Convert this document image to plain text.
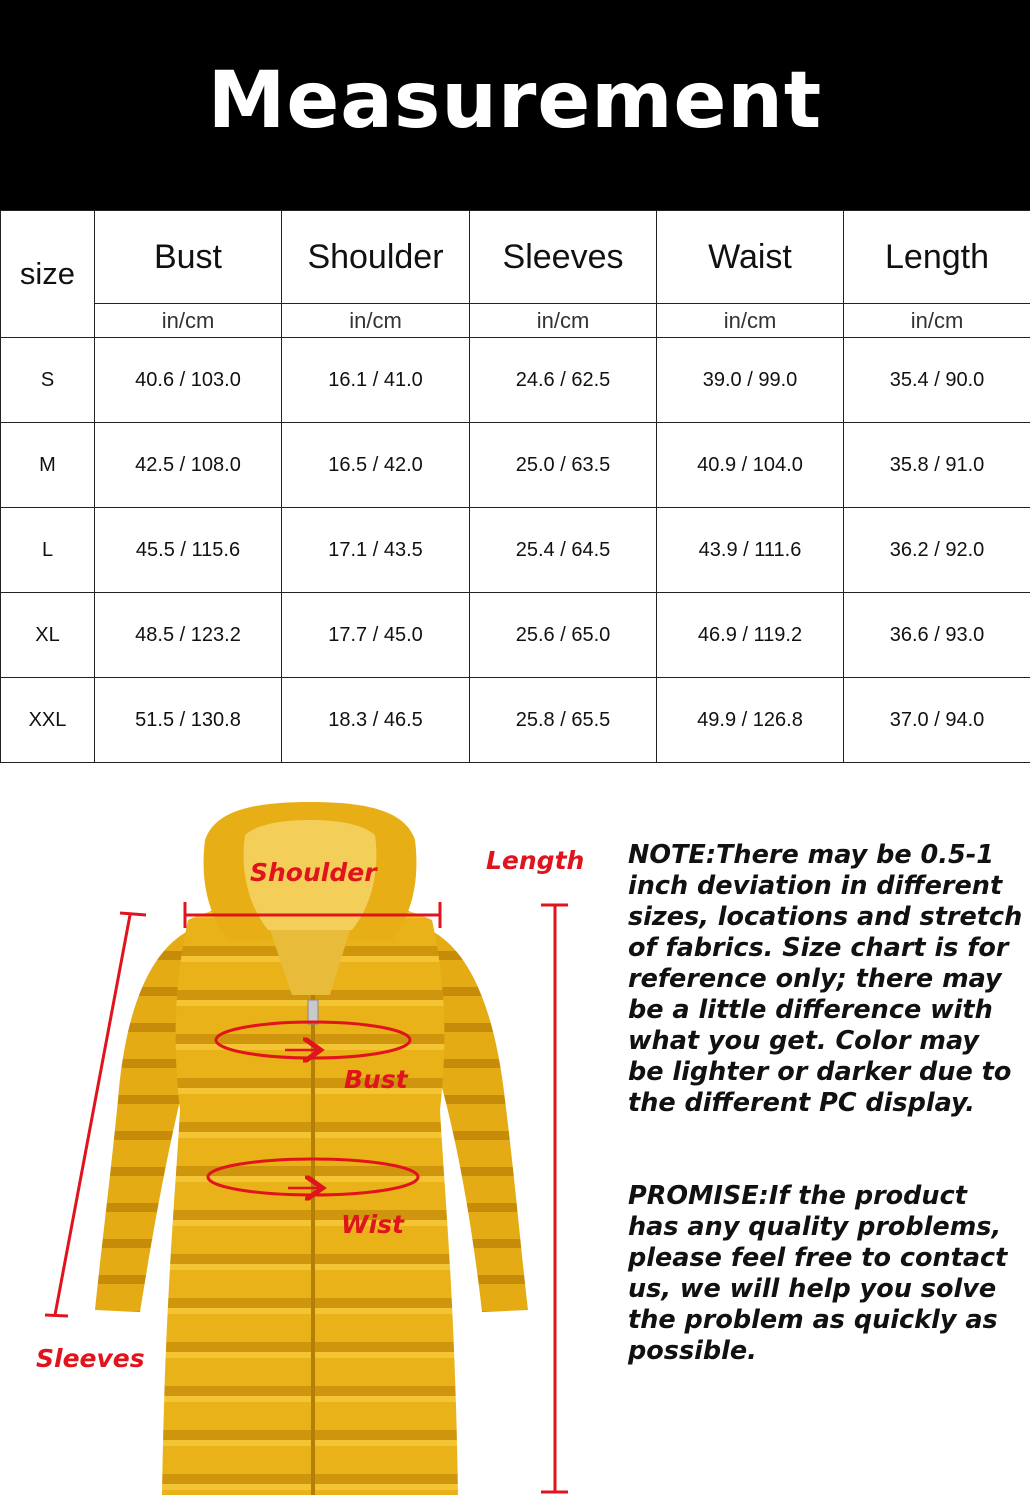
Measurement
size	Bust	Shoulder	Sleeves	Waist	Length
	in/cm	in/cm	in/cm	in/cm	in/cm
S	40.6 / 103.0	16.1 / 41.0	24.6 / 62.5	39.0 / 99.0	35.4 / 90.0
M	42.5 / 108.0	16.5 / 42.0	25.0 / 63.5	40.9 / 104.0	35.8 / 91.0
L	45.5 / 115.6	17.1 / 43.5	25.4 / 64.5	43.9 / 111.6	36.2 / 92.0
XL	48.5 / 123.2	17.7 / 45.0	25.6 / 65.0	46.9 / 119.2	36.6 / 93.0
XXL	51.5 / 130.8	18.3 / 46.5	25.8 / 65.5	49.9 / 126.8	37.0 / 94.0
Shoulder	Length
Bust
Wist
Sleeves

NOTE:There may be 0.5-1 inch deviation in different sizes, locations and stretch of fabrics. Size chart is for reference only; there may be a little difference with what you get. Color may be lighter or darker due to the different PC display.

PROMISE:If the product has any quality problems, please feel free to contact us, we will help you solve the problem as quickly as possible.
